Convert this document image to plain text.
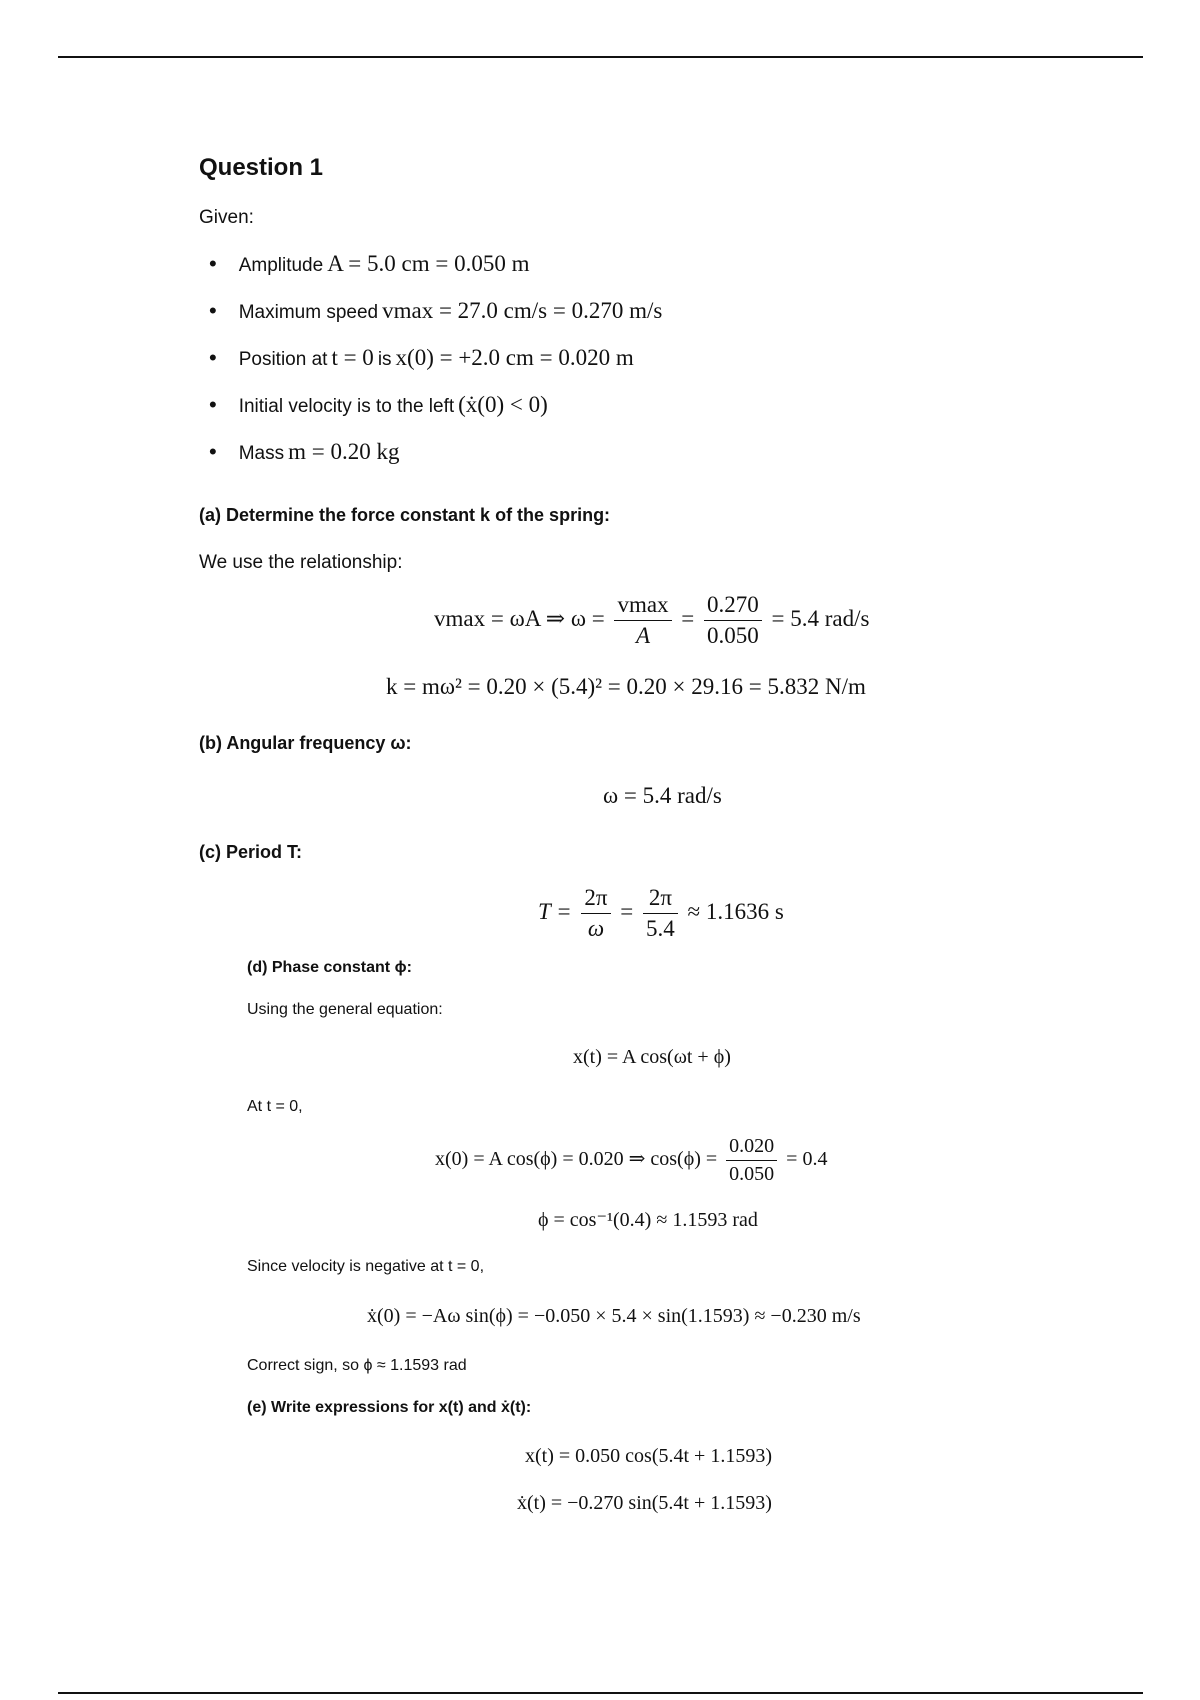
Question 1
Given:
• Amplitude A = 5.0 cm = 0.050 m
• Maximum speed vmax = 27.0 cm/s = 0.270 m/s
• Position at t = 0 is x(0) = +2.0 cm = 0.020 m
• Initial velocity is to the left (ẋ(0) < 0)
• Mass m = 0.20 kg
(a) Determine the force constant k of the spring:
We use the relationship:
vmax = ωA ⇒ $\omega = \frac{vmax}{A} = \frac{0.270}{0.050} = 5.4$ rad/s
k = mω² = 0.20 × (5.4)² = 0.20 × 29.16 = 5.832 N/m
(b) Angular frequency ω:
ω = 5.4 rad/s
(c) Period T:
$T = \frac{2\pi}{\omega} = \frac{2\pi}{5.4} \approx 1.1636$ s
(d) Phase constant ϕ:
Using the general equation:
x(t) = A cos(ωt + ϕ)
At t = 0,
x(0) = A cos(ϕ) = 0.020 ⇒ $\cos(\phi) = \frac{0.020}{0.050} = 0.4$
ϕ = cos⁻¹(0.4) ≈ 1.1593 rad
Since velocity is negative at t = 0,
ẋ(0) = −Aω sin(ϕ) = −0.050 × 5.4 × sin(1.1593) ≈ −0.230 m/s
Correct sign, so ϕ ≈ 1.1593 rad
(e) Write expressions for x(t) and ẋ(t):
x(t) = 0.050 cos(5.4t + 1.1593)
ẋ(t) = −0.270 sin(5.4t + 1.1593)
